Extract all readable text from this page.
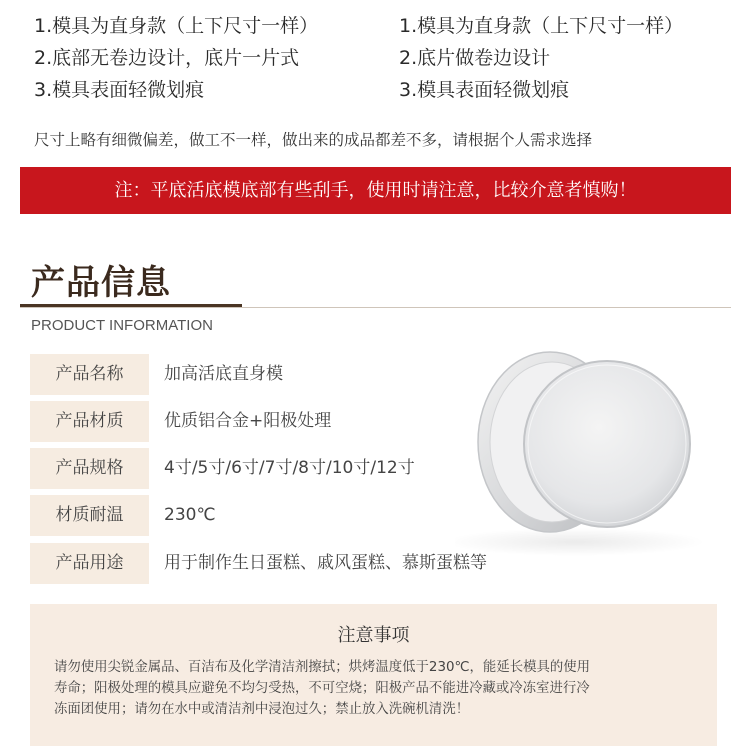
1.模具为直身款（上下尺寸一样）
2.底部无卷边设计，底片一片式
3.模具表面轻微划痕
1.模具为直身款（上下尺寸一样）
2.底片做卷边设计
3.模具表面轻微划痕
尺寸上略有细微偏差，做工不一样，做出来的成品都差不多，请根据个人需求选择
注：平底活底模底部有些刮手，使用时请注意，比较介意者慎购！
产品信息
PRODUCT INFORMATION
产品名称	加高活底直身模
产品材质	优质铝合金+阳极处理
产品规格	4寸/5寸/6寸/7寸/8寸/10寸/12寸
材质耐温	230℃
产品用途	用于制作生日蛋糕、戚风蛋糕、慕斯蛋糕等
注意事项
请勿使用尖锐金属品、百洁布及化学清洁剂擦拭；烘烤温度低于230℃，能延长模具的使用
寿命；阳极处理的模具应避免不均匀受热，不可空烧；阳极产品不能进冷藏或冷冻室进行冷
冻面团使用；请勿在水中或清洁剂中浸泡过久；禁止放入洗碗机清洗！
